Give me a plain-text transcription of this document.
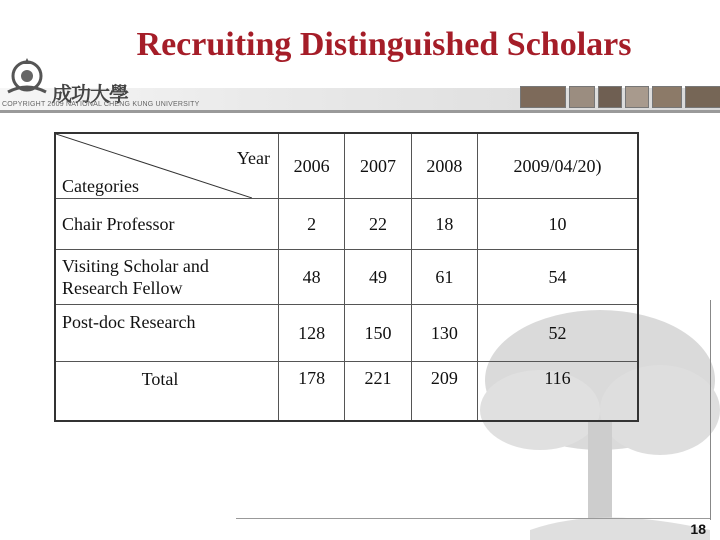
Recruiting Distinguished Scholars
成功大學
COPYRIGHT 2009 NATIONAL CHENG KUNG UNIVERSITY
Year
Categories	2006	2007	2008	2009/04/20)
Chair Professor	2	22	18	10
Visiting Scholar and
Research Fellow	48	49	61	54
Post-doc Research	128	150	130	52
Total	178	221	209	116
18
